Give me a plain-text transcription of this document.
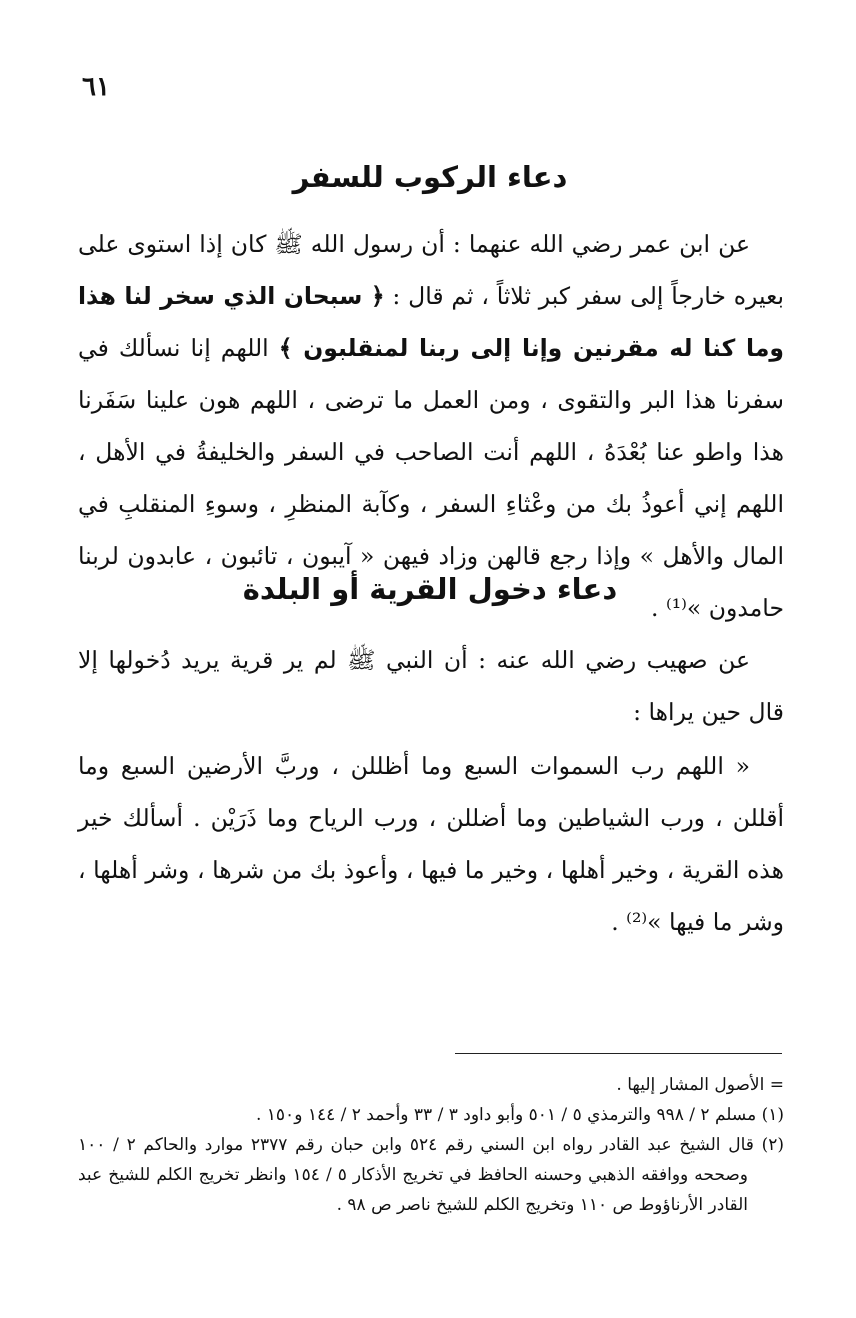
٦١
دعاء الركوب للسفر

عن ابن عمر رضي الله عنهما : أن رسول الله ﷺ كان إذا استوى على بعيره خارجاً إلى سفر كبر ثلاثاً ، ثم قال : ﴿ سبحان الذي سخر لنا هذا وما كنا له مقرنين وإنا إلى ربنا لمنقلبون ﴾ اللهم إنا نسألك في سفرنا هذا البر والتقوى ، ومن العمل ما ترضى ، اللهم هون علينا سَفَرنا هذا واطو عنا بُعْدَهُ ، اللهم أنت الصاحب في السفر والخليفةُ في الأهل ، اللهم إني أعوذُ بك من وعْثاءِ السفر ، وكآبة المنظرِ ، وسوءِ المنقلبِ في المال والأهل » وإذا رجع قالهن وزاد فيهن « آيبون ، تائبون ، عابدون لربنا حامدون »⁽¹⁾ .

دعاء دخول القرية أو البلدة

عن صهيب رضي الله عنه : أن النبي ﷺ لم ير قرية يريد دُخولها إلا قال حين يراها :

« اللهم رب السموات السبع وما أظللن ، وربَّ الأرضين السبع وما أقللن ، ورب الشياطين وما أضللن ، ورب الرياح وما ذَرَيْن . أسألك خير هذه القرية ، وخير أهلها ، وخير ما فيها ، وأعوذ بك من شرها ، وشر أهلها ، وشر ما فيها »⁽²⁾ .

= الأصول المشار إليها .

(١) مسلم ٢ / ٩٩٨ والترمذي ٥ / ٥٠١ وأبو داود ٣ / ٣٣ وأحمد ٢ / ١٤٤ و١٥٠ .

(٢) قال الشيخ عبد القادر رواه ابن السني رقم ٥٢٤ وابن حبان رقم ٢٣٧٧ موارد والحاكم ٢ / ١٠٠ وصححه ووافقه الذهبي وحسنه الحافظ في تخريج الأذكار ٥ / ١٥٤ وانظر تخريج الكلم للشيخ عبد القادر الأرناؤوط ص ١١٠ وتخريج الكلم للشيخ ناصر ص ٩٨ .
